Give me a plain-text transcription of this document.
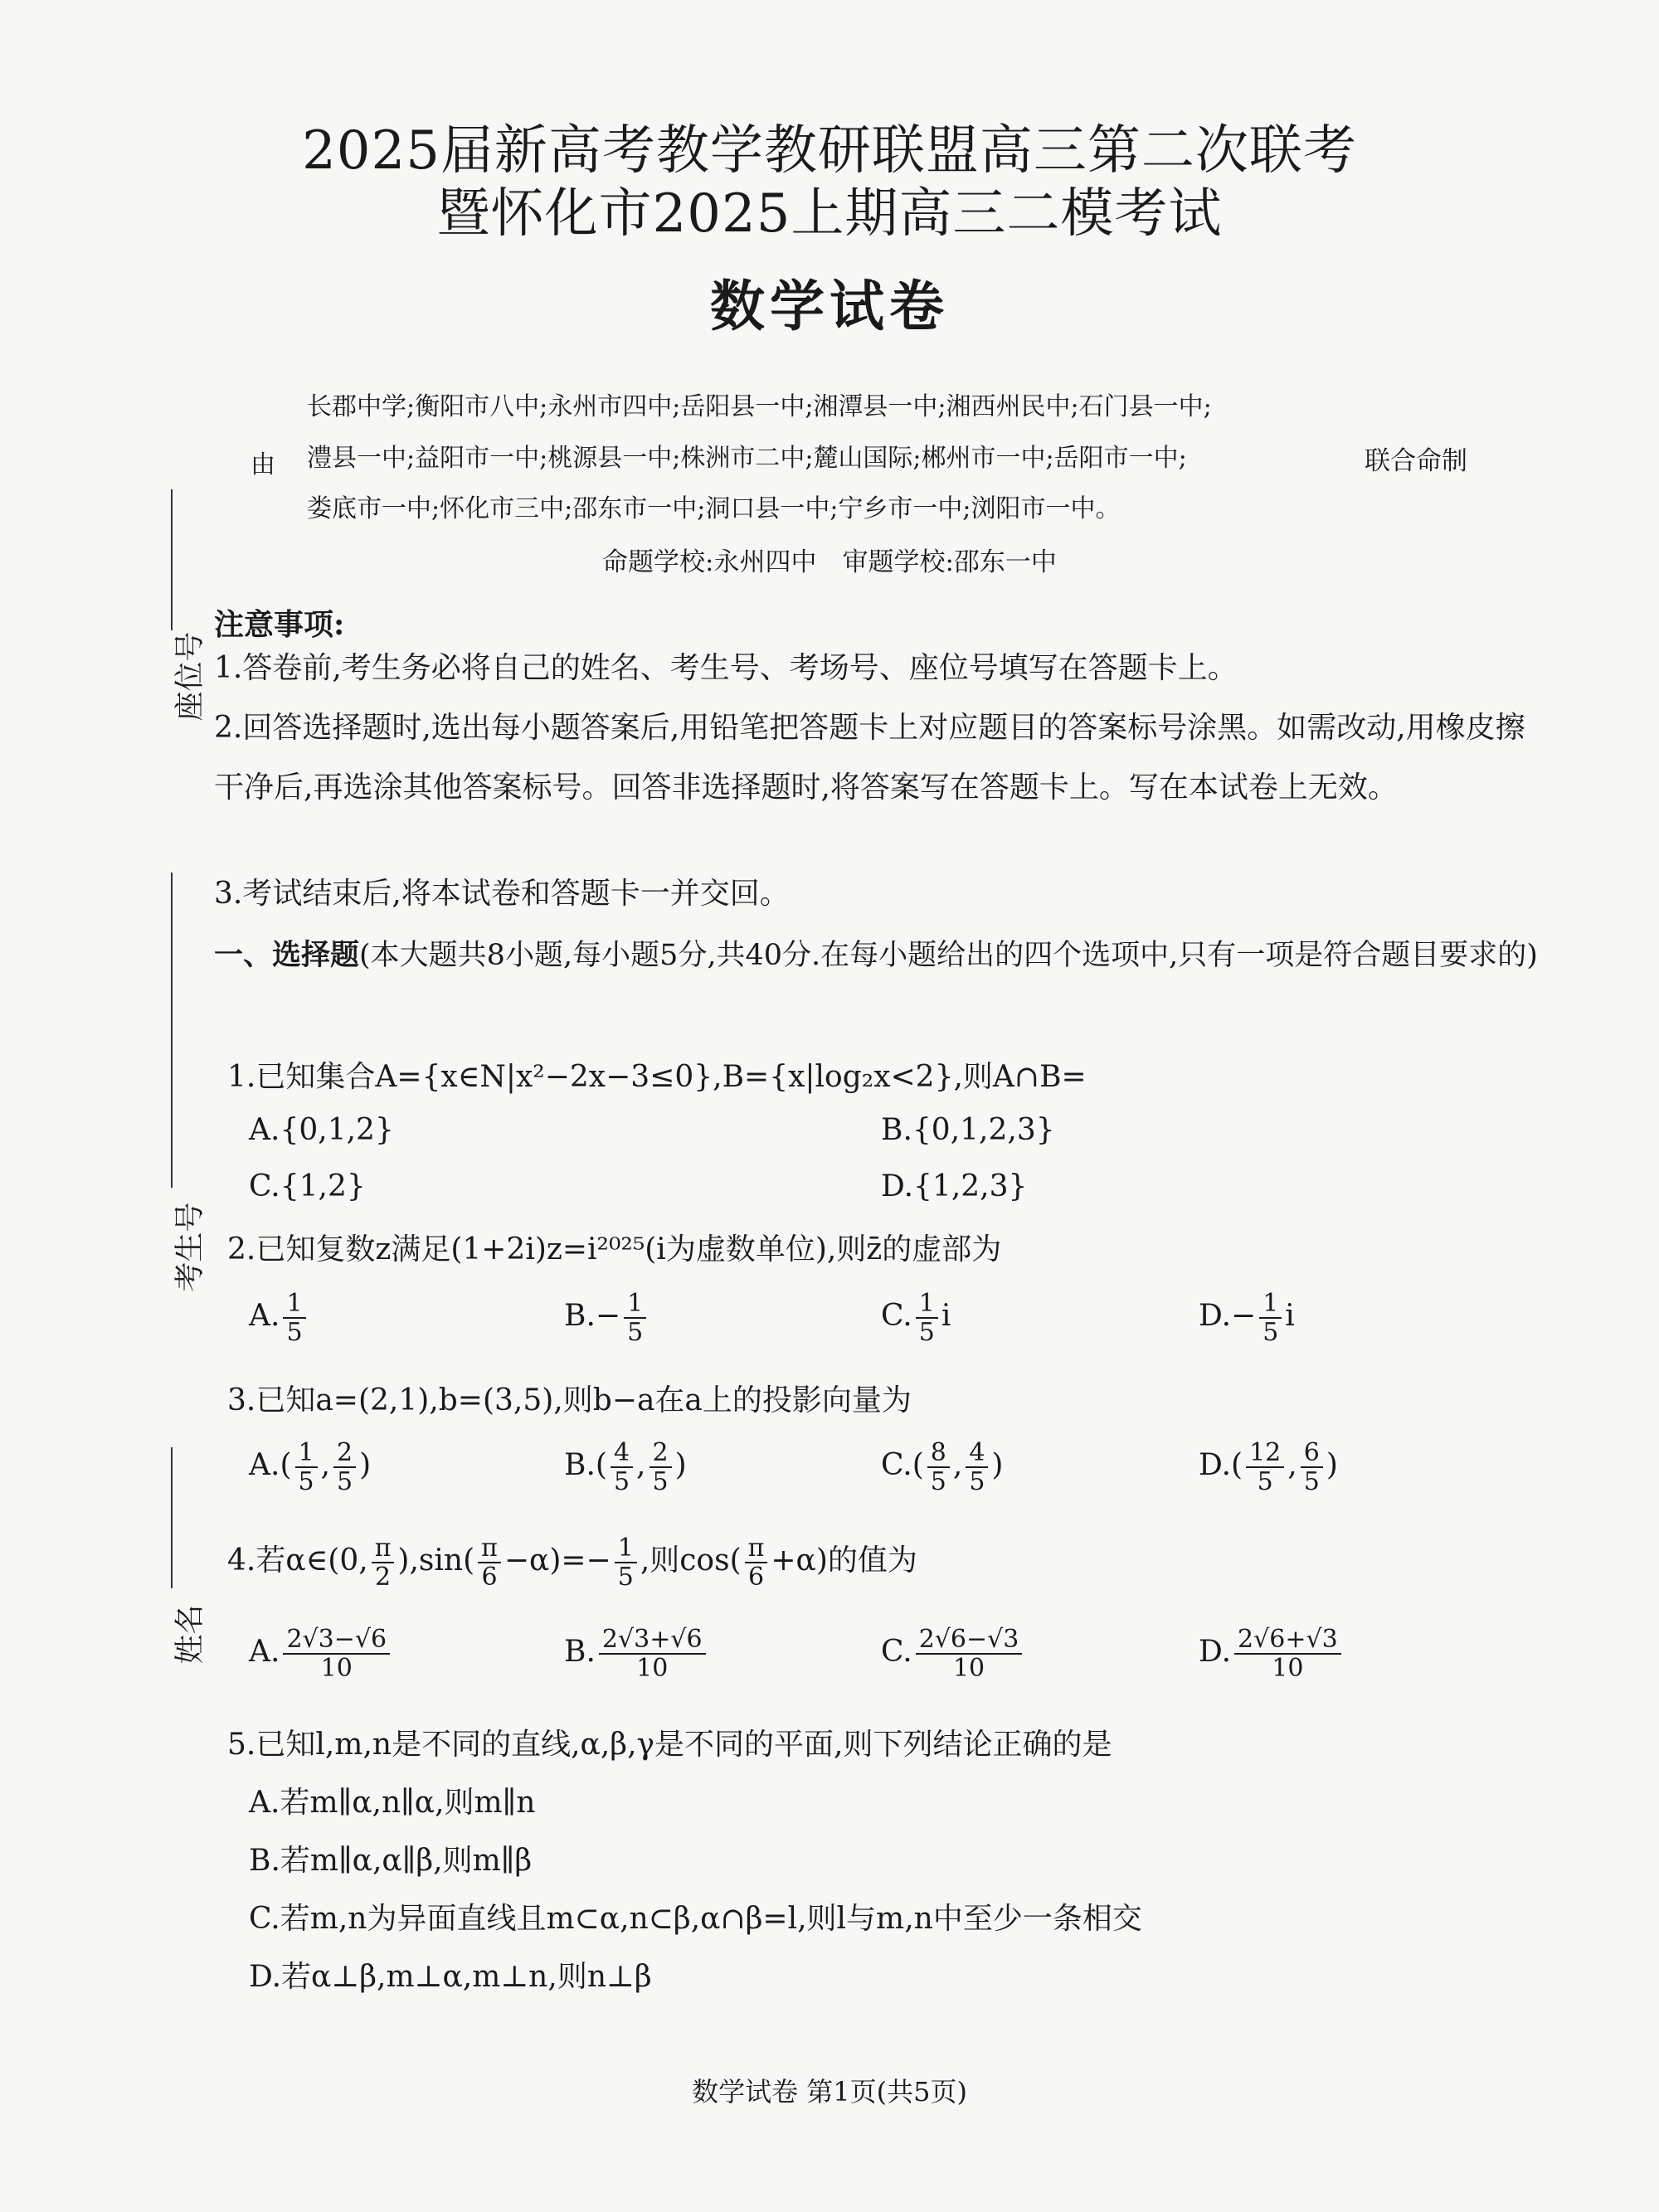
2025届新高考教学教研联盟高三第二次联考
暨怀化市2025上期高三二模考试
数学试卷
长郡中学;衡阳市八中;永州市四中;岳阳县一中;湘潭县一中;湘西州民中;石门县一中;
由 澧县一中;益阳市一中;桃源县一中;株洲市二中;麓山国际;郴州市一中;岳阳市一中;	联合命制
娄底市一中;怀化市三中;邵东市一中;洞口县一中;宁乡市一中;浏阳市一中。
命题学校:永州四中　审题学校:邵东一中
座位号
考生号
姓名
注意事项:
1.答卷前,考生务必将自己的姓名、考生号、考场号、座位号填写在答题卡上。
2.回答选择题时,选出每小题答案后,用铅笔把答题卡上对应题目的答案标号涂黑。如需改动,用橡皮擦干净后,再选涂其他答案标号。回答非选择题时,将答案写在答题卡上。写在本试卷上无效。
3.考试结束后,将本试卷和答题卡一并交回。
一、选择题(本大题共8小题,每小题5分,共40分.在每小题给出的四个选项中,只有一项是符合题目要求的)
1.已知集合A={x∈N|x²−2x−3≤0},B={x|log₂x<2},则A∩B=
A.{0,1,2}	B.{0,1,2,3}
C.{1,2}	D.{1,2,3}
2.已知复数z满足(1+2i)z=i²⁰²⁵(i为虚数单位),则z̄的虚部为
A. $\frac{1}{5}$	$B.- \frac{1}{5}$	C. $\frac{1}{5}$ i	$D.- \frac{1}{5}$ i
3.已知a=(2,1),b=(3,5),则b−a在a上的投影向量为
$A.( \frac{1}{5}$ , $\frac{2}{5}$ )	$B.( \frac{4}{5}$ , $\frac{2}{5}$ )	$C.( \frac{8}{5}$ , $\frac{4}{5}$ )	$D.( \frac{12}{5}$ , $\frac{6}{5}$ )
4.若α∈(0, $\frac{\pi}{2} ),\sin( \frac{\pi}{6} -\alpha)=- \frac{1}{5}$ ,则$\cos( \frac{\pi}{6} +\alpha)$的值为
A. $\frac{2√3-√6}{10}$	B. $\frac{2√3+√6}{10}$	C. $\frac{2√6-√3}{10}$	D. $\frac{2√6+√3}{10}$
5.已知l,m,n是不同的直线,α,β,γ是不同的平面,则下列结论正确的是
A.若m∥α,n∥α,则m∥n
B.若m∥α,α∥β,则m∥β
C.若m,n为异面直线且m⊂α,n⊂β,α∩β=l,则l与m,n中至少一条相交
D.若α⊥β,m⊥α,m⊥n,则n⊥β
数学试卷 第1页(共5页)
